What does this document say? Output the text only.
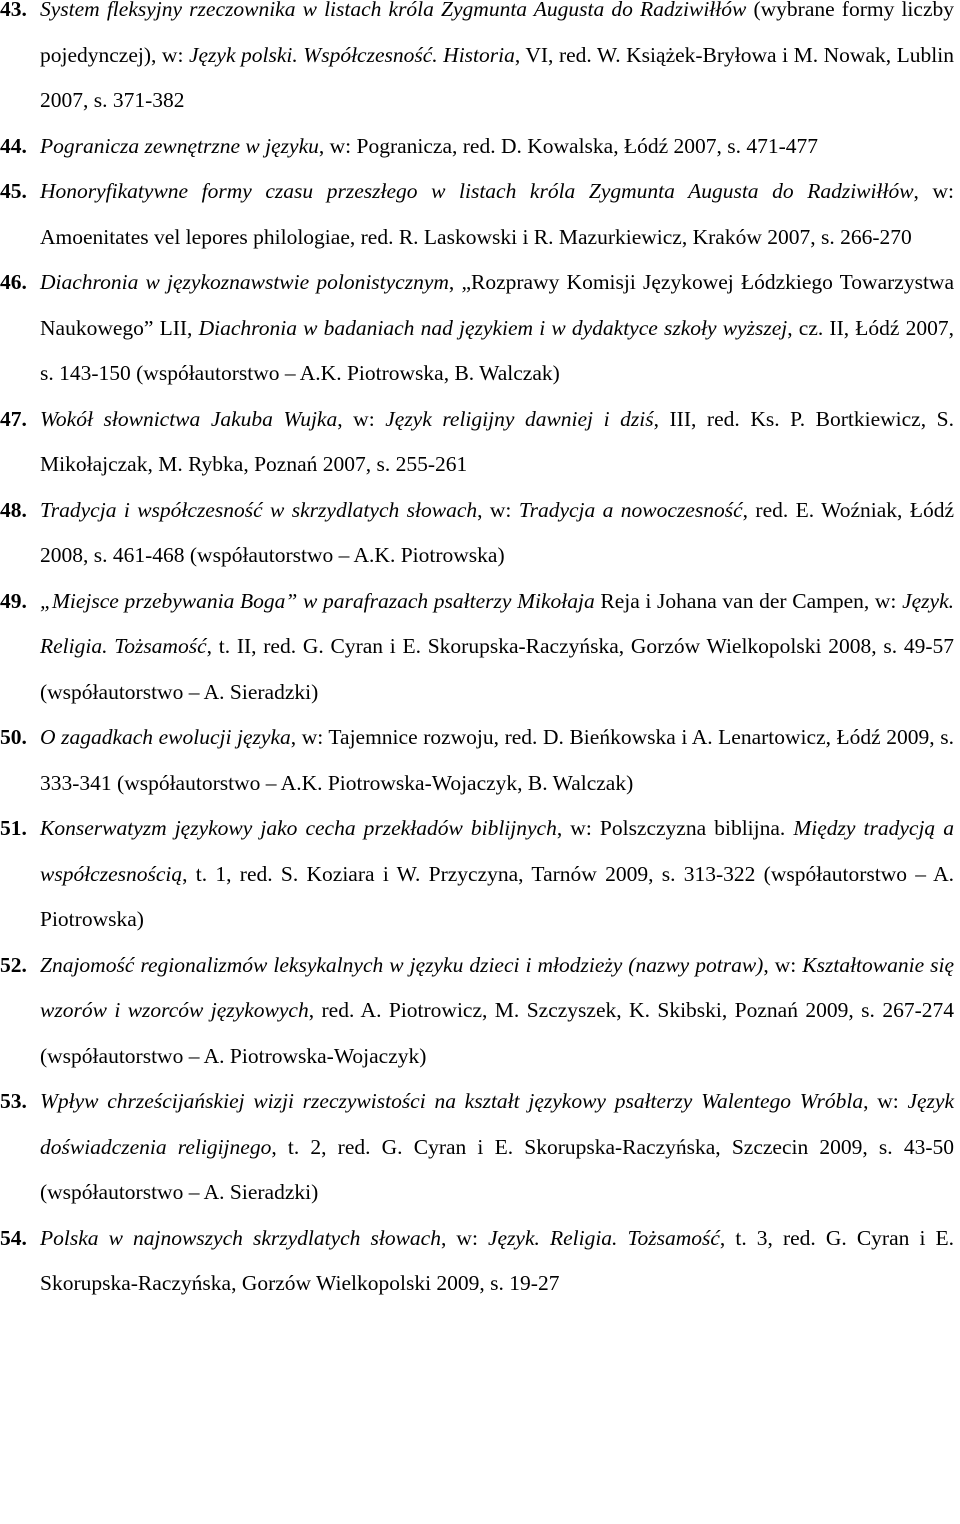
43. System fleksyjny rzeczownika w listach króla Zygmunta Augusta do Radziwiłłów (wybrane formy liczby pojedynczej), w: Język polski. Współczesność. Historia, VI, red. W. Książek-Bryłowa i M. Nowak, Lublin 2007, s. 371-382

44. Pogranicza zewnętrzne w języku, w: Pogranicza, red. D. Kowalska, Łódź 2007, s. 471-477

45. Honoryfikatywne formy czasu przeszłego w listach króla Zygmunta Augusta do Radziwiłłów, w: Amoenitates vel lepores philologiae, red. R. Laskowski i R. Mazurkiewicz, Kraków 2007, s. 266-270

46. Diachronia w językoznawstwie polonistycznym, „Rozprawy Komisji Językowej Łódzkiego Towarzystwa Naukowego” LII, Diachronia w badaniach nad językiem i w dydaktyce szkoły wyższej, cz. II, Łódź 2007, s. 143-150 (współautorstwo – A.K. Piotrowska, B. Walczak)

47. Wokół słownictwa Jakuba Wujka, w: Język religijny dawniej i dziś, III, red. Ks. P. Bortkiewicz, S. Mikołajczak, M. Rybka, Poznań 2007, s. 255-261

48. Tradycja i współczesność w skrzydlatych słowach, w: Tradycja a nowoczesność, red. E. Woźniak, Łódź 2008, s. 461-468 (współautorstwo – A.K. Piotrowska)

49. „Miejsce przebywania Boga” w parafrazach psałterzy Mikołaja Reja i Johana van der Campen, w: Język. Religia. Tożsamość, t. II, red. G. Cyran i E. Skorupska-Raczyńska, Gorzów Wielkopolski 2008, s. 49-57 (współautorstwo – A. Sieradzki)

50. O zagadkach ewolucji języka, w: Tajemnice rozwoju, red. D. Bieńkowska i A. Lenartowicz, Łódź 2009, s. 333-341 (współautorstwo – A.K. Piotrowska-Wojaczyk, B. Walczak)

51. Konserwatyzm językowy jako cecha przekładów biblijnych, w: Polszczyzna biblijna. Między tradycją a współczesnością, t. 1, red. S. Koziara i W. Przyczyna, Tarnów 2009, s. 313-322 (współautorstwo – A. Piotrowska)

52. Znajomość regionalizmów leksykalnych w języku dzieci i młodzieży (nazwy potraw), w: Kształtowanie się wzorów i wzorców językowych, red. A. Piotrowicz, M. Szczyszek, K. Skibski, Poznań 2009, s. 267-274 (współautorstwo – A. Piotrowska-Wojaczyk)

53. Wpływ chrześcijańskiej wizji rzeczywistości na kształt językowy psałterzy Walentego Wróbla, w: Język doświadczenia religijnego, t. 2, red. G. Cyran i E. Skorupska-Raczyńska, Szczecin 2009, s. 43-50 (współautorstwo – A. Sieradzki)

54. Polska w najnowszych skrzydlatych słowach, w: Język. Religia. Tożsamość, t. 3, red. G. Cyran i E. Skorupska-Raczyńska, Gorzów Wielkopolski 2009, s. 19-27
